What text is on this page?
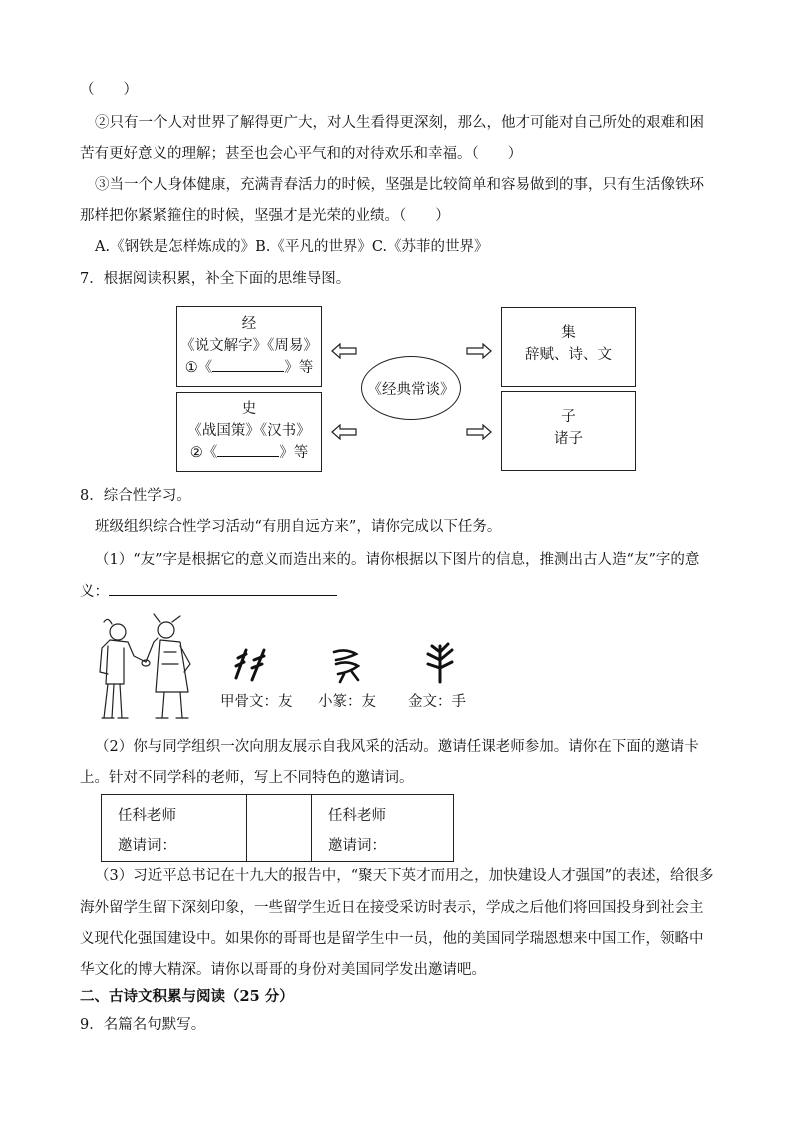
（　　）
②只有一个人对世界了解得更广大，对人生看得更深刻，那么，他才可能对自己所处的艰难和困
苦有更好意义的理解；甚至也会心平气和的对待欢乐和幸福。（　　）
③当一个人身体健康，充满青春活力的时候，坚强是比较简单和容易做到的事，只有生活像铁环
那样把你紧紧箍住的时候，坚强才是光荣的业绩。（　　）
A.《钢铁是怎样炼成的》B.《平凡的世界》C.《苏菲的世界》
7．根据阅读积累，补全下面的思维导图。
经
《说文解字》《周易》
①《	》等
史
《战国策》《汉书》
②《	》等
集
辞赋、诗、文
子
诸子
《经典常谈》
8．综合性学习。
班级组织综合性学习活动“有朋自远方来”，请你完成以下任务。
（1）“友”字是根据它的意义而造出来的。请你根据以下图片的信息，推测出古人造“友”字的意
义：
甲骨文：友 小篆：友 金文：手
（2）你与同学组织一次向朋友展示自我风采的活动。邀请任课老师参加。请你在下面的邀请卡
上。针对不同学科的老师，写上不同特色的邀请词。
任科老师
邀请词：

任科老师
邀请词：
（3）习近平总书记在十九大的报告中，“聚天下英才而用之，加快建设人才强国”的表述，给很多
海外留学生留下深刻印象，一些留学生近日在接受采访时表示，学成之后他们将回国投身到社会主
义现代化强国建设中。如果你的哥哥也是留学生中一员，他的美国同学瑞恩想来中国工作，领略中
华文化的博大精深。请你以哥哥的身份对美国同学发出邀请吧。
二、古诗文积累与阅读（25 分）
9．名篇名句默写。
